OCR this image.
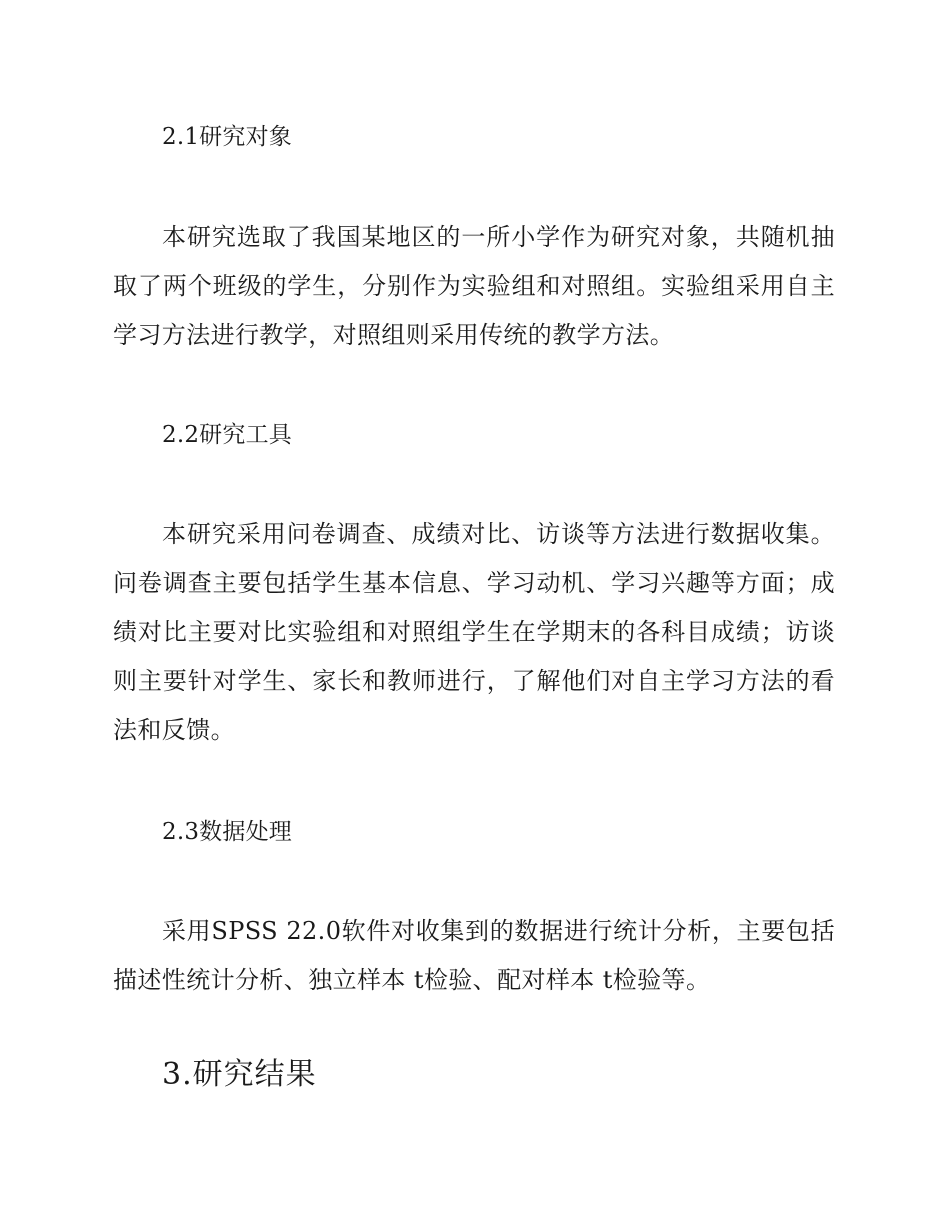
2.1研究对象
本研究选取了我国某地区的一所小学作为研究对象，共随机抽取了两个班级的学生，分别作为实验组和对照组。实验组采用自主学习方法进行教学，对照组则采用传统的教学方法。
2.2研究工具
本研究采用问卷调查、成绩对比、访谈等方法进行数据收集。问卷调查主要包括学生基本信息、学习动机、学习兴趣等方面；成绩对比主要对比实验组和对照组学生在学期末的各科目成绩；访谈则主要针对学生、家长和教师进行，了解他们对自主学习方法的看法和反馈。
2.3数据处理
采用SPSS 22.0软件对收集到的数据进行统计分析，主要包括描述性统计分析、独立样本 t检验、配对样本 t检验等。
3.研究结果
